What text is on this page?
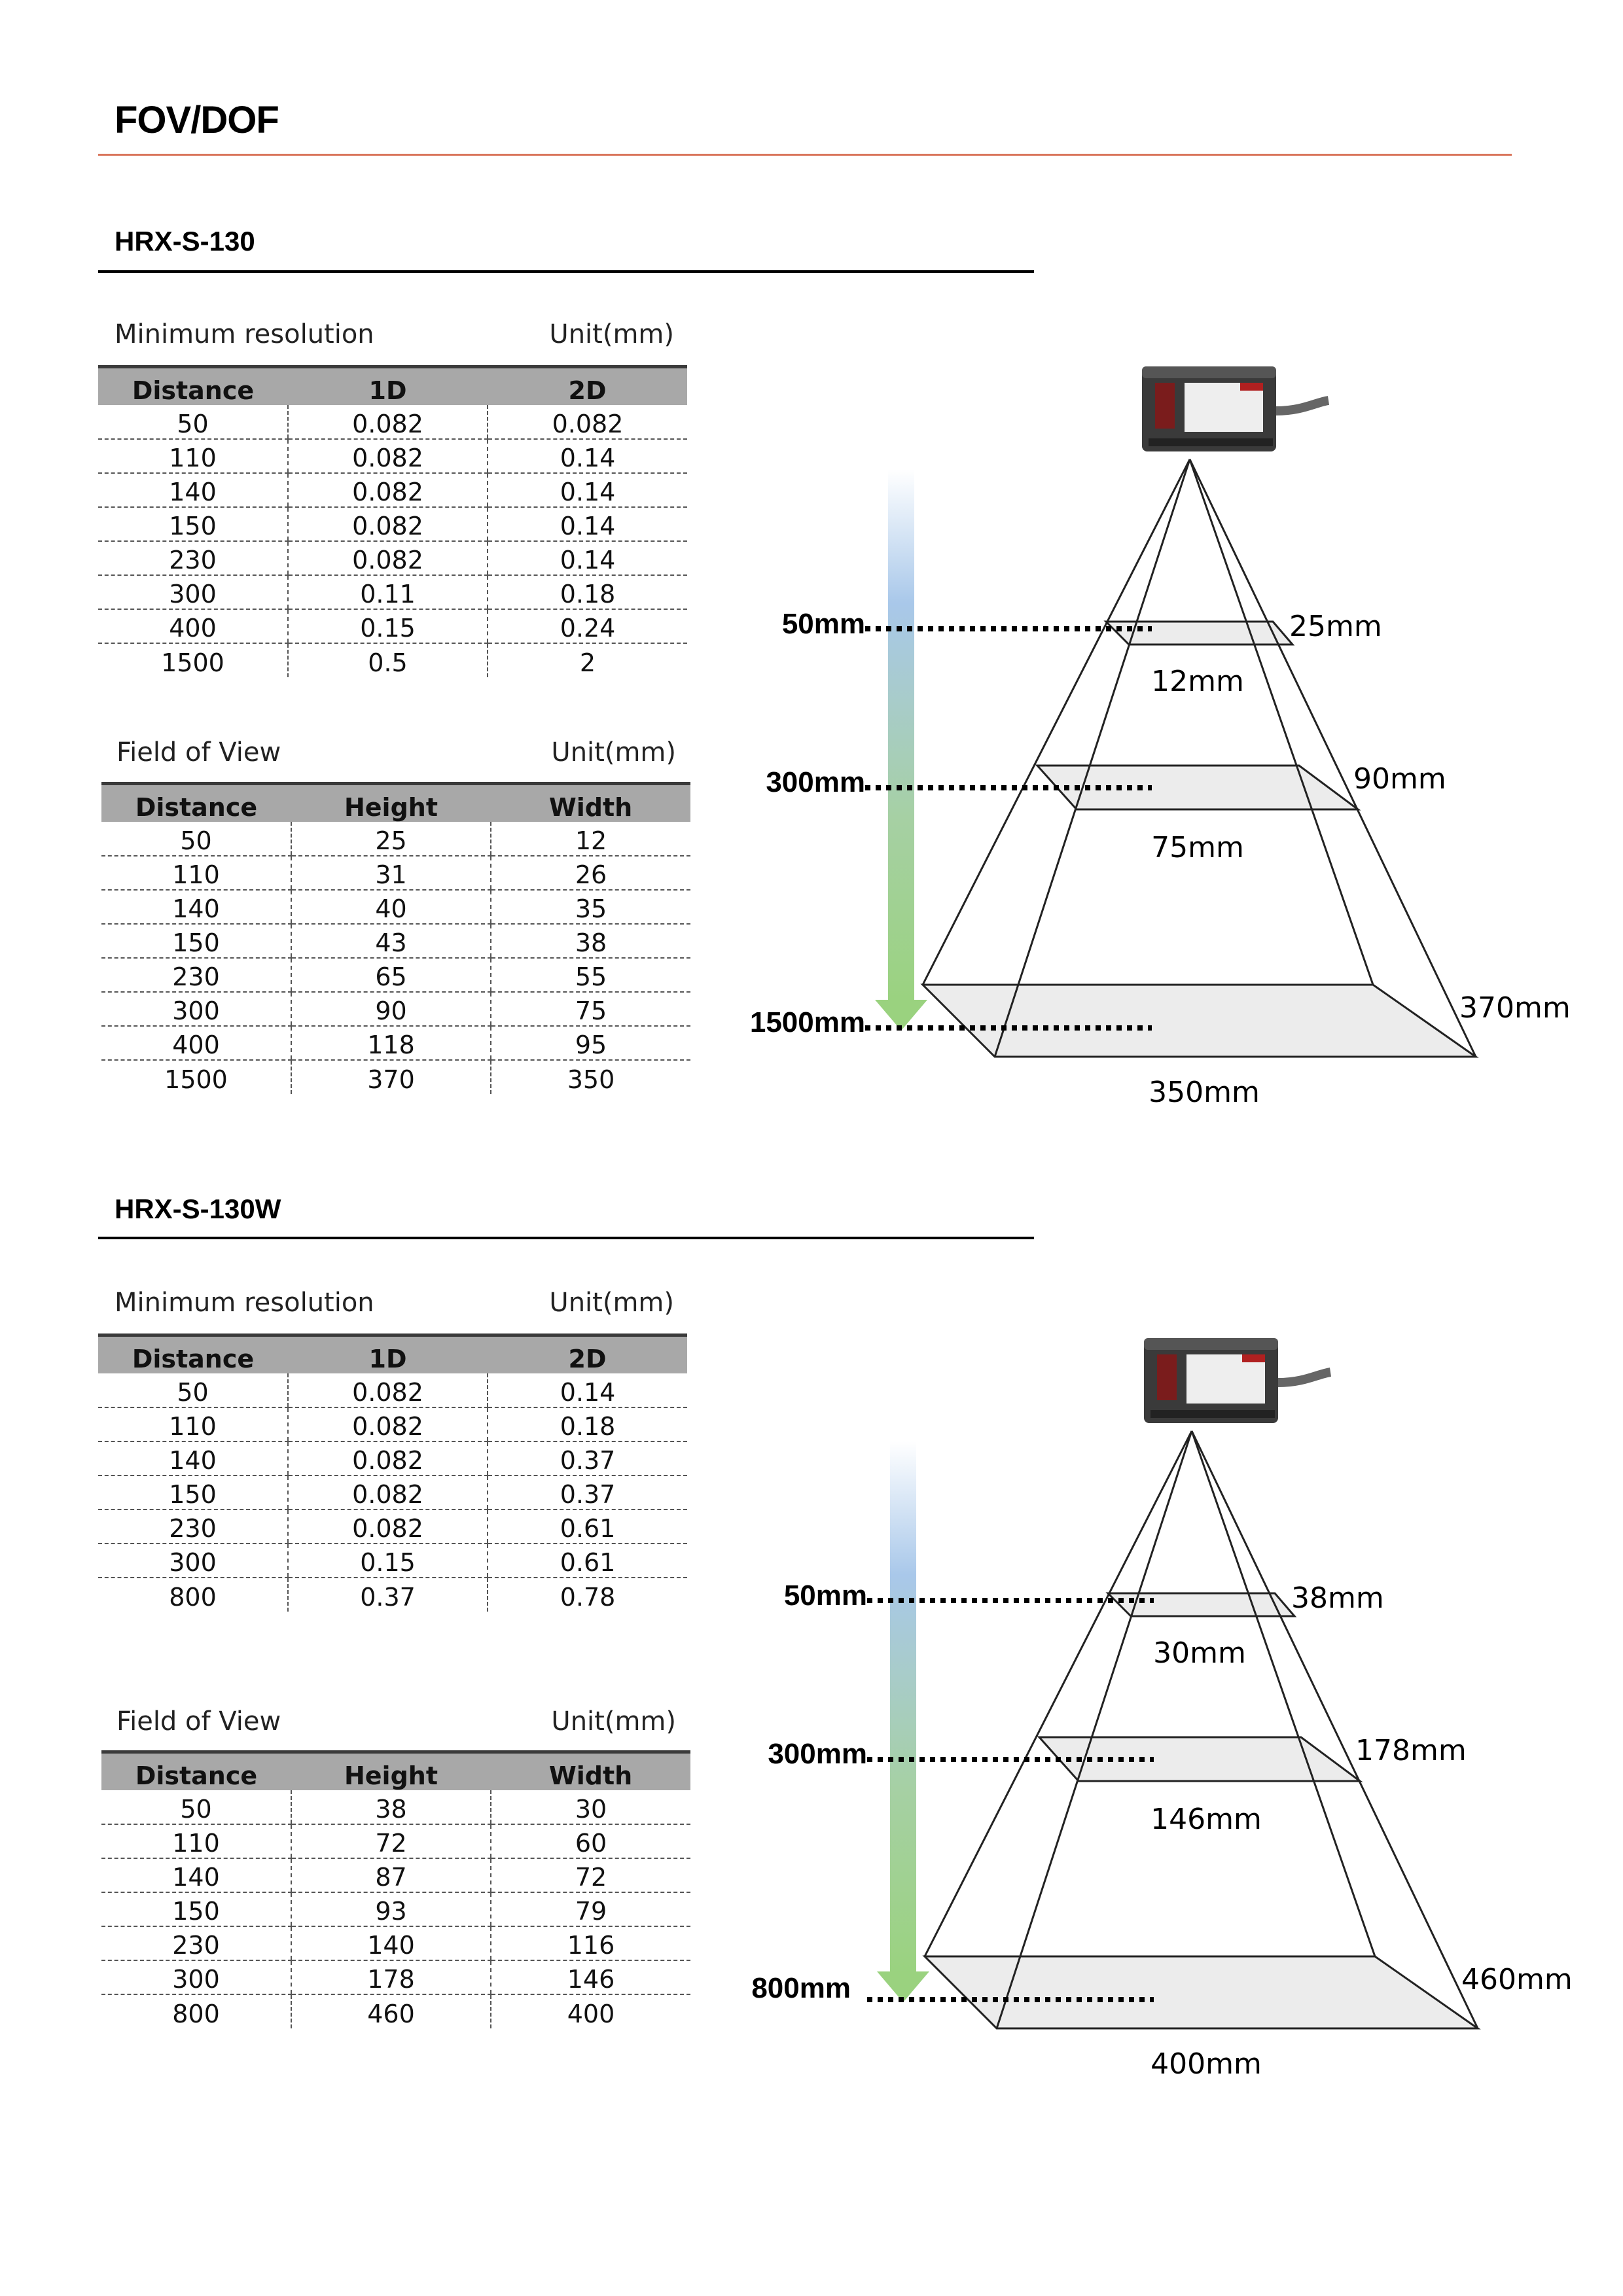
FOV/DOF
HRX-S-130
Minimum resolution	Unit(mm)
Distance	1D	2D
50	0.082	0.082
110	0.082	0.14
140	0.082	0.14
150	0.082	0.14
230	0.082	0.14
300	0.11	0.18
400	0.15	0.24
1500	0.5	2
Field of View	Unit(mm)
Distance	Height	Width
50	25	12
110	31	26
140	40	35
150	43	38
230	65	55
300	90	75
400	118	95
1500	370	350
50mm
300mm
1500mm
25mm
90mm
370mm
12mm
75mm
350mm
HRX-S-130W
Minimum resolution	Unit(mm)
Distance	1D	2D
50	0.082	0.14
110	0.082	0.18
140	0.082	0.37
150	0.082	0.37
230	0.082	0.61
300	0.15	0.61
800	0.37	0.78
Field of View	Unit(mm)
Distance	Height	Width
50	38	30
110	72	60
140	87	72
150	93	79
230	140	116
300	178	146
800	460	400
50mm
300mm
800mm
38mm
178mm
460mm
30mm
146mm
400mm
